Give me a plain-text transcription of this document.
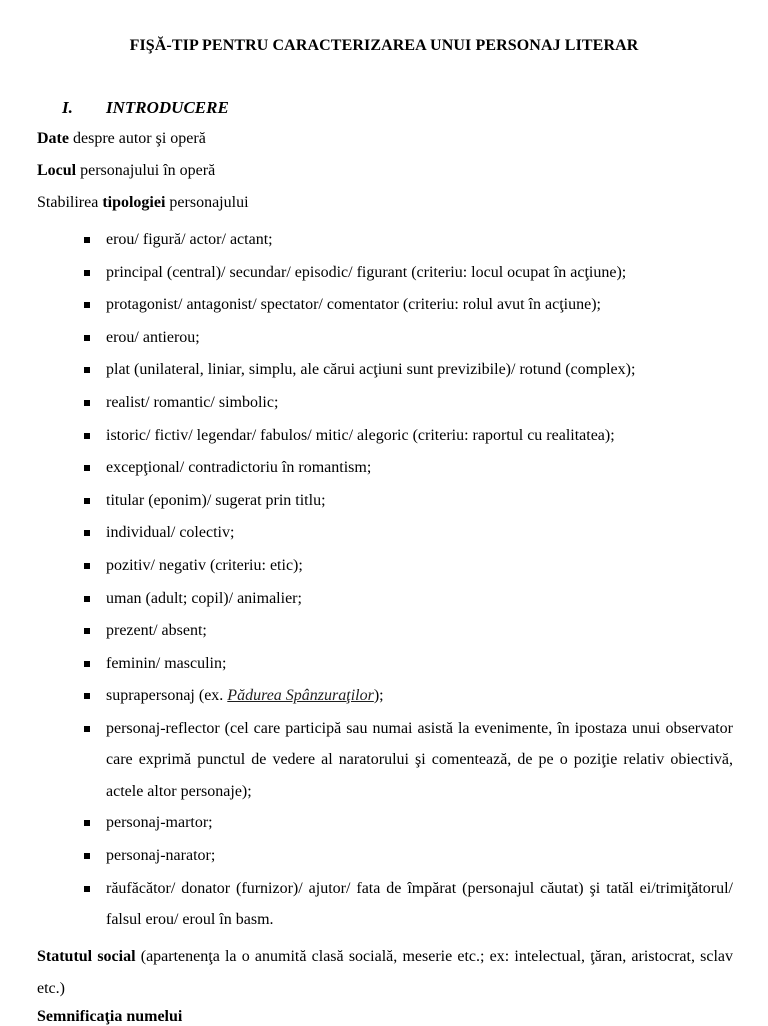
FIŞĂ-TIP PENTRU CARACTERIZAREA UNUI PERSONAJ LITERAR
I. INTRODUCERE
Date despre autor şi operă
Locul personajului în operă
Stabilirea tipologiei personajului
erou/ figură/ actor/ actant;
principal (central)/ secundar/ episodic/ figurant (criteriu: locul ocupat în acţiune);
protagonist/ antagonist/ spectator/ comentator (criteriu: rolul avut în acţiune);
erou/ antierou;
plat (unilateral, liniar, simplu, ale cărui acţiuni sunt previzibile)/ rotund (complex);
realist/ romantic/ simbolic;
istoric/ fictiv/ legendar/ fabulos/ mitic/ alegoric (criteriu: raportul cu realitatea);
excepţional/ contradictoriu în romantism;
titular (eponim)/ sugerat prin titlu;
individual/ colectiv;
pozitiv/ negativ (criteriu: etic);
uman (adult; copil)/ animalier;
prezent/ absent;
feminin/ masculin;
suprapersonaj (ex. Pădurea Spânzuraţilor);
personaj-reflector (cel care participă sau numai asistă la evenimente, în ipostaza unui observator care exprimă punctul de vedere al naratorului şi comentează, de pe o poziţie relativ obiectivă, actele altor personaje);
personaj-martor;
personaj-narator;
răufăcător/ donator (furnizor)/ ajutor/ fata de împărat (personajul căutat) şi tatăl ei/trimiţătorul/ falsul erou/ eroul în basm.
Statutul social (apartenenţa la o anumită clasă socială, meserie etc.; ex: intelectual, ţăran, aristocrat, sclav etc.)
Semnificaţia numelui
